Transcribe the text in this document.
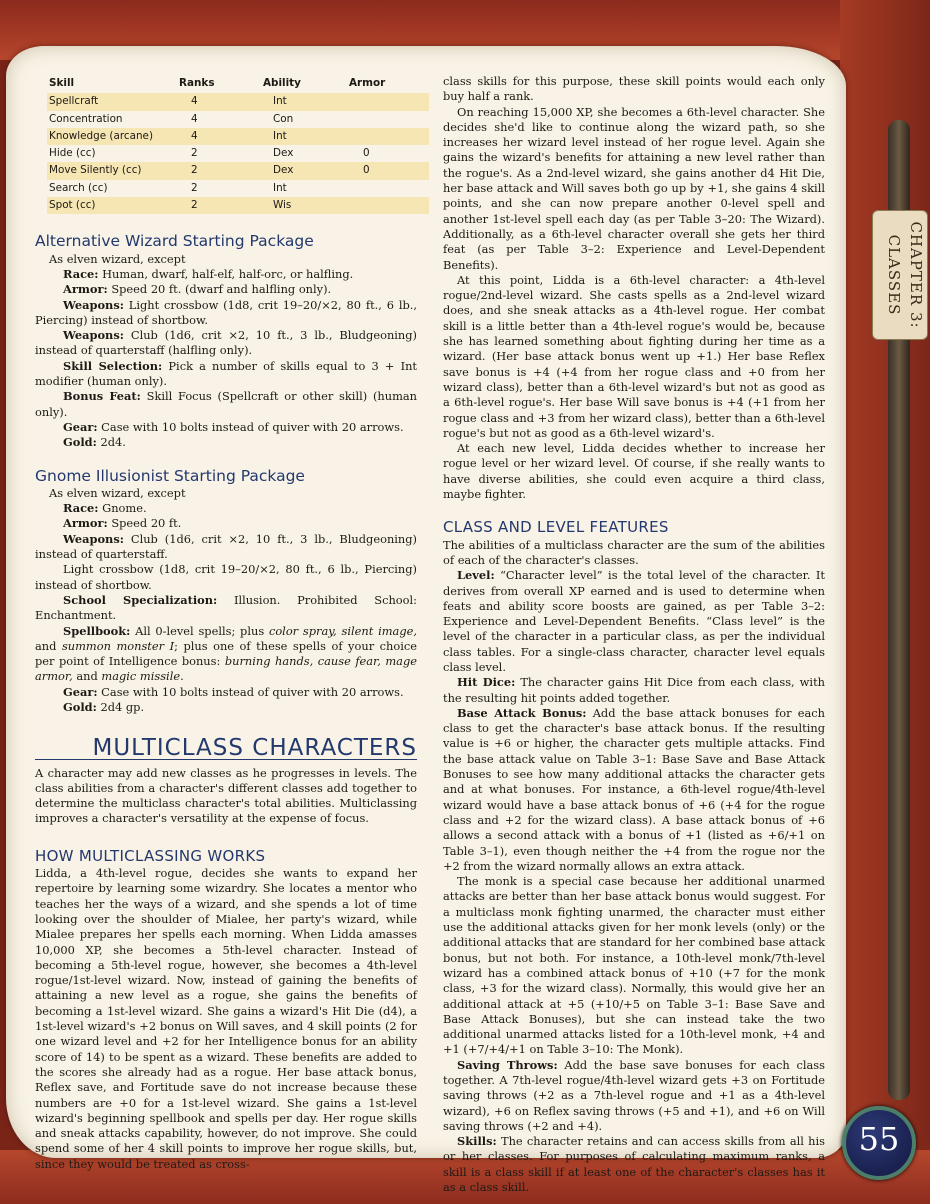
CHAPTER 3: CLASSES
55
Skill	Ranks	Ability	Armor
Spellcraft	4	Int	
Concentration	4	Con	
Knowledge (arcane)	4	Int	
Hide (cc)	2	Dex	0
Move Silently (cc)	2	Dex	0
Search (cc)	2	Int	
Spot (cc)	2	Wis	
Alternative Wizard Starting Package

As elven wizard, except

Race: Human, dwarf, half-elf, half-orc, or halfling.

Armor: Speed 20 ft. (dwarf and halfling only).

Weapons: Light crossbow (1d8, crit 19–20/×2, 80 ft., 6 lb., Piercing) instead of shortbow.

Weapons: Club (1d6, crit ×2, 10 ft., 3 lb., Bludgeoning) instead of quarterstaff (halfling only).

Skill Selection: Pick a number of skills equal to 3 + Int modifier (human only).

Bonus Feat: Skill Focus (Spellcraft or other skill) (human only).

Gear: Case with 10 bolts instead of quiver with 20 arrows.

Gold: 2d4.

Gnome Illusionist Starting Package

As elven wizard, except

Race: Gnome.

Armor: Speed 20 ft.

Weapons: Club (1d6, crit ×2, 10 ft., 3 lb., Bludgeoning) instead of quarterstaff.

Light crossbow (1d8, crit 19–20/×2, 80 ft., 6 lb., Piercing) instead of shortbow.

School Specialization: Illusion. Prohibited School: Enchantment.

Spellbook: All 0-level spells; plus color spray, silent image, and summon monster I; plus one of these spells of your choice per point of Intelligence bonus: burning hands, cause fear, mage armor, and magic missile.

Gear: Case with 10 bolts instead of quiver with 20 arrows.

Gold: 2d4 gp.

MULTICLASS CHARACTERS

A character may add new classes as he progresses in levels. The class abilities from a character's different classes add together to determine the multiclass character's total abilities. Multiclassing improves a character's versatility at the expense of focus.

HOW MULTICLASSING WORKS

Lidda, a 4th-level rogue, decides she wants to expand her repertoire by learning some wizardry. She locates a mentor who teaches her the ways of a wizard, and she spends a lot of time looking over the shoulder of Mialee, her party's wizard, while Mialee prepares her spells each morning. When Lidda amasses 10,000 XP, she becomes a 5th-level character. Instead of becoming a 5th-level rogue, however, she becomes a 4th-level rogue/1st-level wizard. Now, instead of gaining the benefits of attaining a new level as a rogue, she gains the benefits of becoming a 1st-level wizard. She gains a wizard's Hit Die (d4), a 1st-level wizard's +2 bonus on Will saves, and 4 skill points (2 for one wizard level and +2 for her Intelligence bonus for an ability score of 14) to be spent as a wizard. These benefits are added to the scores she already had as a rogue. Her base attack bonus, Reflex save, and Fortitude save do not increase because these numbers are +0 for a 1st-level wizard. She gains a 1st-level wizard's beginning spellbook and spells per day. Her rogue skills and sneak attacks capability, however, do not improve. She could spend some of her 4 skill points to improve her rogue skills, but, since they would be treated as cross-

class skills for this purpose, these skill points would each only buy half a rank.

On reaching 15,000 XP, she becomes a 6th-level character. She decides she'd like to continue along the wizard path, so she increases her wizard level instead of her rogue level. Again she gains the wizard's benefits for attaining a new level rather than the rogue's. As a 2nd-level wizard, she gains another d4 Hit Die, her base attack and Will saves both go up by +1, she gains 4 skill points, and she can now prepare another 0-level spell and another 1st-level spell each day (as per Table 3–20: The Wizard). Additionally, as a 6th-level character overall she gets her third feat (as per Table 3–2: Experience and Level-Dependent Benefits).

At this point, Lidda is a 6th-level character: a 4th-level rogue/2nd-level wizard. She casts spells as a 2nd-level wizard does, and she sneak attacks as a 4th-level rogue. Her combat skill is a little better than a 4th-level rogue's would be, because she has learned something about fighting during her time as a wizard. (Her base attack bonus went up +1.) Her base Reflex save bonus is +4 (+4 from her rogue class and +0 from her wizard class), better than a 6th-level wizard's but not as good as a 6th-level rogue's. Her base Will save bonus is +4 (+1 from her rogue class and +3 from her wizard class), better than a 6th-level rogue's but not as good as a 6th-level wizard's.

At each new level, Lidda decides whether to increase her rogue level or her wizard level. Of course, if she really wants to have diverse abilities, she could even acquire a third class, maybe fighter.

CLASS AND LEVEL FEATURES

The abilities of a multiclass character are the sum of the abilities of each of the character's classes.

Level: “Character level” is the total level of the character. It derives from overall XP earned and is used to determine when feats and ability score boosts are gained, as per Table 3–2: Experience and Level-Dependent Benefits. “Class level” is the level of the character in a particular class, as per the individual class tables. For a single-class character, character level equals class level.

Hit Dice: The character gains Hit Dice from each class, with the resulting hit points added together.

Base Attack Bonus: Add the base attack bonuses for each class to get the character's base attack bonus. If the resulting value is +6 or higher, the character gets multiple attacks. Find the base attack value on Table 3–1: Base Save and Base Attack Bonuses to see how many additional attacks the character gets and at what bonuses. For instance, a 6th-level rogue/4th-level wizard would have a base attack bonus of +6 (+4 for the rogue class and +2 for the wizard class). A base attack bonus of +6 allows a second attack with a bonus of +1 (listed as +6/+1 on Table 3–1), even though neither the +4 from the rogue nor the +2 from the wizard normally allows an extra attack.

The monk is a special case because her additional unarmed attacks are better than her base attack bonus would suggest. For a multiclass monk fighting unarmed, the character must either use the additional attacks given for her monk levels (only) or the additional attacks that are standard for her combined base attack bonus, but not both. For instance, a 10th-level monk/7th-level wizard has a combined attack bonus of +10 (+7 for the monk class, +3 for the wizard class). Normally, this would give her an additional attack at +5 (+10/+5 on Table 3–1: Base Save and Base Attack Bonuses), but she can instead take the two additional unarmed attacks listed for a 10th-level monk, +4 and +1 (+7/+4/+1 on Table 3–10: The Monk).

Saving Throws: Add the base save bonuses for each class together. A 7th-level rogue/4th-level wizard gets +3 on Fortitude saving throws (+2 as a 7th-level rogue and +1 as a 4th-level wizard), +6 on Reflex saving throws (+5 and +1), and +6 on Will saving throws (+2 and +4).

Skills: The character retains and can access skills from all his or her classes. For purposes of calculating maximum ranks, a skill is a class skill if at least one of the character's classes has it as a class skill.
